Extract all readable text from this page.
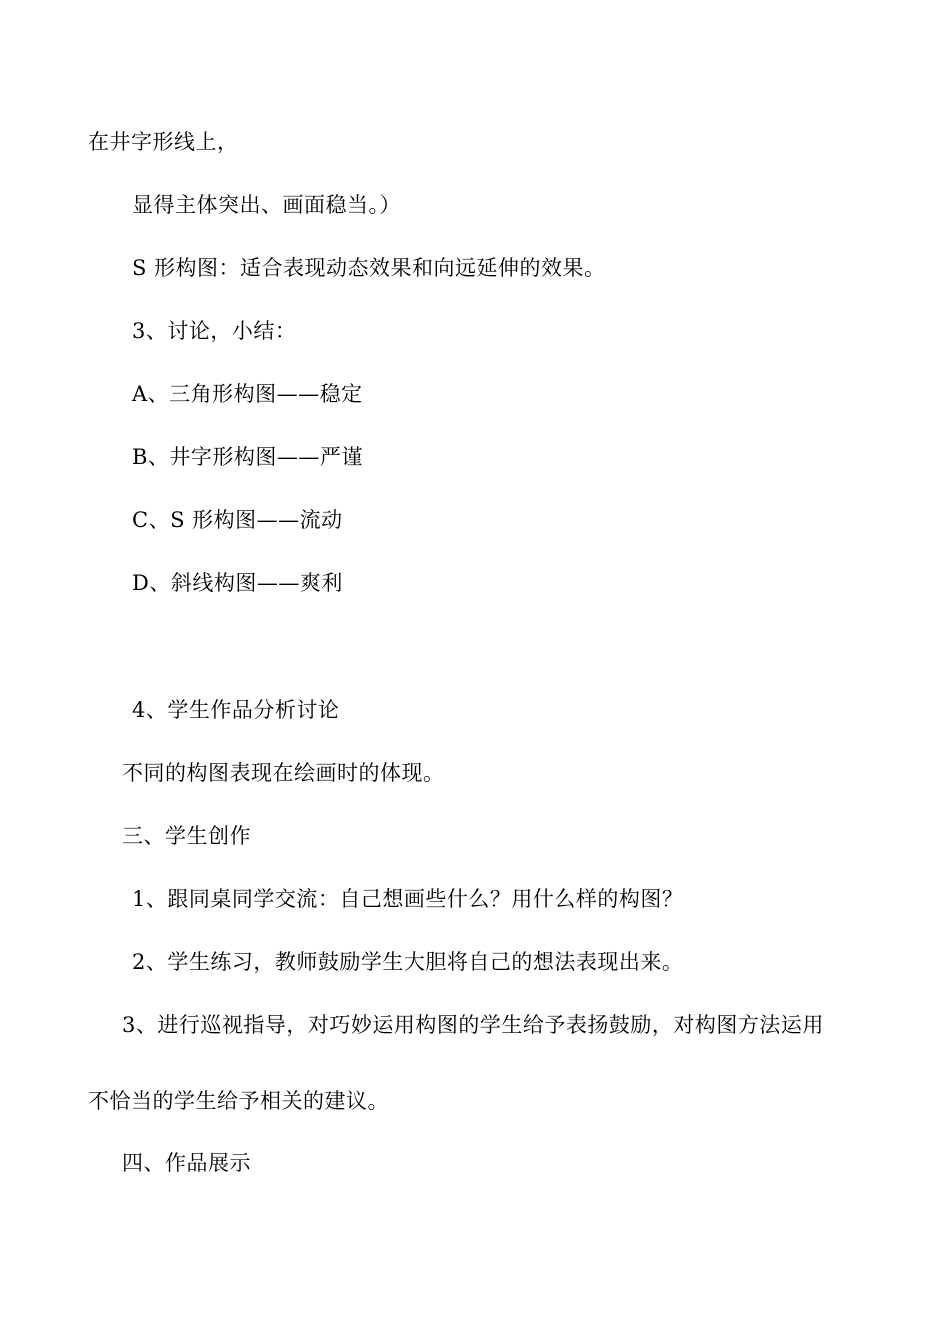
在井字形线上，
显得主体突出、画面稳当。）
S 形构图：适合表现动态效果和向远延伸的效果。
3、讨论，小结：
A、三角形构图——稳定
B、井字形构图——严谨
C、S 形构图——流动
D、斜线构图——爽利
4、学生作品分析讨论
不同的构图表现在绘画时的体现。
三、学生创作
1、跟同桌同学交流：自己想画些什么？用什么样的构图？
2、学生练习，教师鼓励学生大胆将自己的想法表现出来。
3、进行巡视指导，对巧妙运用构图的学生给予表扬鼓励，对构图方法运用
不恰当的学生给予相关的建议。
四、作品展示
